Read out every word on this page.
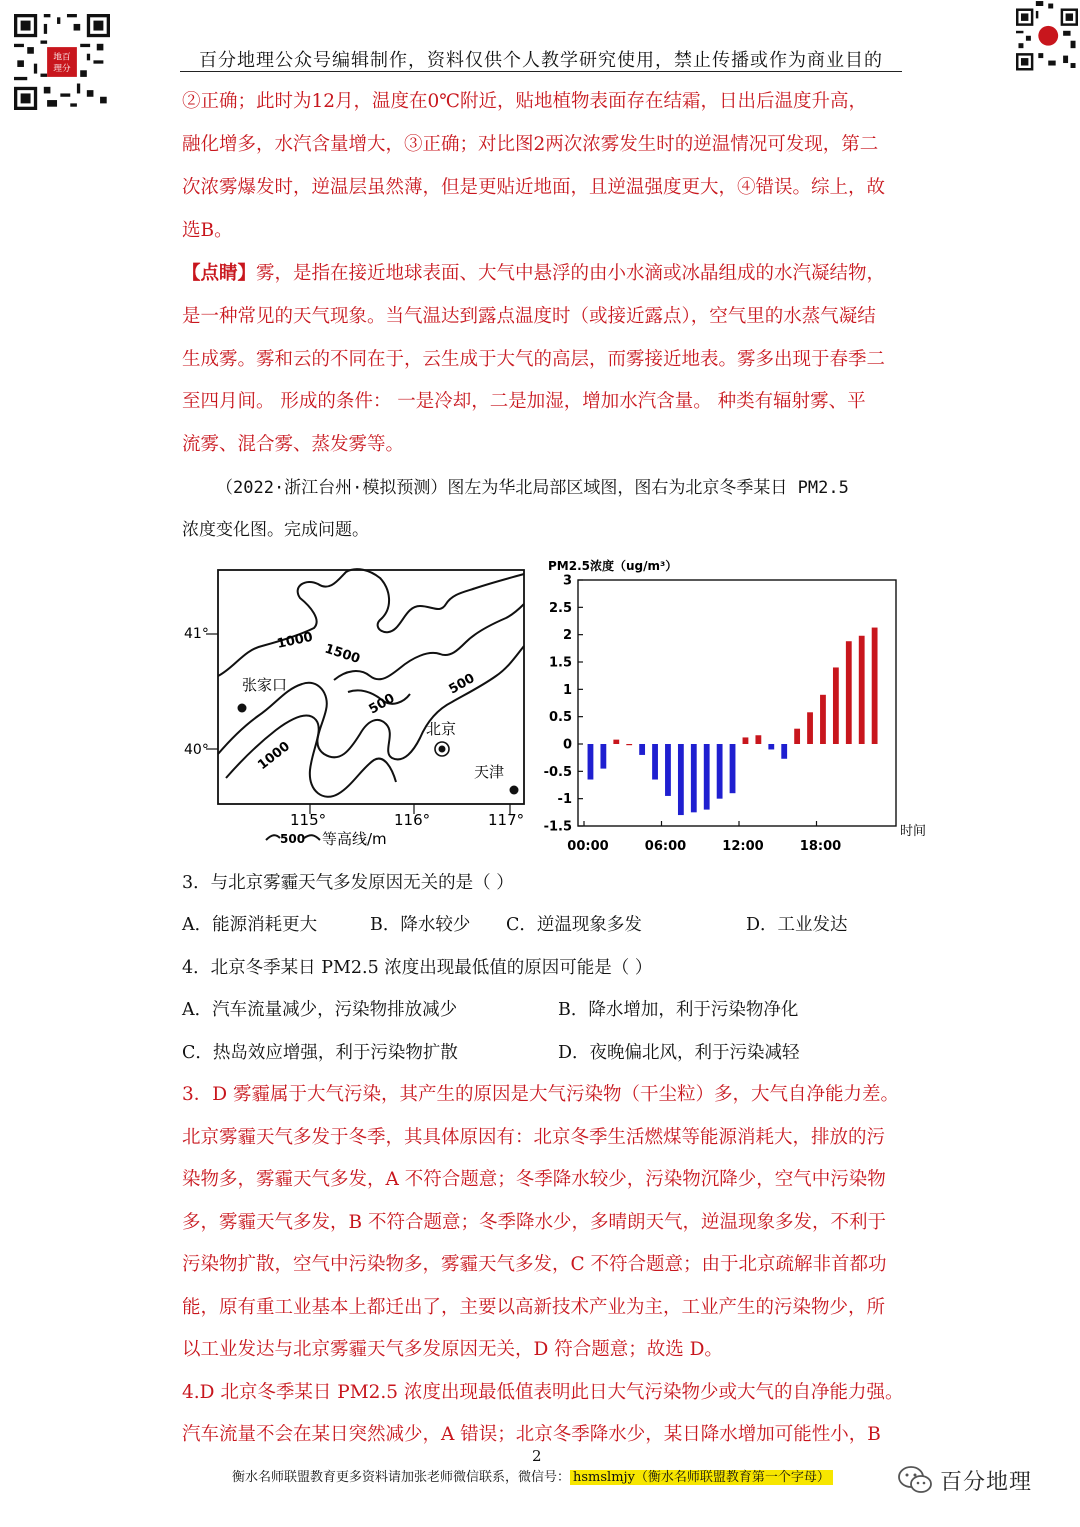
地百
理分	百分地理公众号编辑制作，资料仅供个人教学研究使用，禁止传播或作为商业目的
②正确；此时为12月，温度在0℃附近，贴地植物表面存在结霜，日出后温度升高，
融化增多，水汽含量增大，③正确；对比图2两次浓雾发生时的逆温情况可发现，第二
次浓雾爆发时，逆温层虽然薄，但是更贴近地面，且逆温强度更大，④错误。综上，故
选B。
【点睛】雾，是指在接近地球表面、大气中悬浮的由小水滴或冰晶组成的水汽凝结物，
是一种常见的天气现象。当气温达到露点温度时（或接近露点），空气里的水蒸气凝结
生成雾。雾和云的不同在于，云生成于大气的高层，而雾接近地表。雾多出现于春季二
至四月间。 形成的条件： 一是冷却，二是加湿，增加水汽含量。 种类有辐射雾、平
流雾、混合雾、蒸发雾等。
（2022·浙江台州·模拟预测）图左为华北局部区域图，图右为北京冬季某日 PM2.5
浓度变化图。完成问题。
1000
1500
500
500
1000
张家口
北京
天津
41°
40°
115°	116°	117°
500 等高线/m
PM2.5浓度（ug/m³）
3
2.5
2
1.5
1
0.5
0
-0.5
-1
-1.5
00:00	06:00	12:00	18:00
时间
3．与北京雾霾天气多发原因无关的是（ ）
A．能源消耗更大	B．降水较少 C．逆温现象多发	D．工业发达
4．北京冬季某日 PM2.5 浓度出现最低值的原因可能是（ ）
A．汽车流量减少，污染物排放减少	B．降水增加，利于污染物净化
C．热岛效应增强，利于污染物扩散	D．夜晚偏北风，利于污染减轻
3．D 雾霾属于大气污染，其产生的原因是大气污染物（干尘粒）多，大气自净能力差。
北京雾霾天气多发于冬季，其具体原因有：北京冬季生活燃煤等能源消耗大，排放的污
染物多，雾霾天气多发，A 不符合题意；冬季降水较少，污染物沉降少，空气中污染物
多，雾霾天气多发，B 不符合题意；冬季降水少，多晴朗天气，逆温现象多发，不利于
污染物扩散，空气中污染物多，雾霾天气多发，C 不符合题意；由于北京疏解非首都功
能，原有重工业基本上都迁出了，主要以高新技术产业为主，工业产生的污染物少，所
以工业发达与北京雾霾天气多发原因无关，D 符合题意；故选 D。
4.D 北京冬季某日 PM2.5 浓度出现最低值表明此日大气污染物少或大气的自净能力强。
汽车流量不会在某日突然减少，A 错误；北京冬季降水少，某日降水增加可能性小，B
2
衡水名师联盟教育更多资料请加张老师微信联系，微信号： hsmslmjy（衡水名师联盟教育第一个字母）	百分地理
